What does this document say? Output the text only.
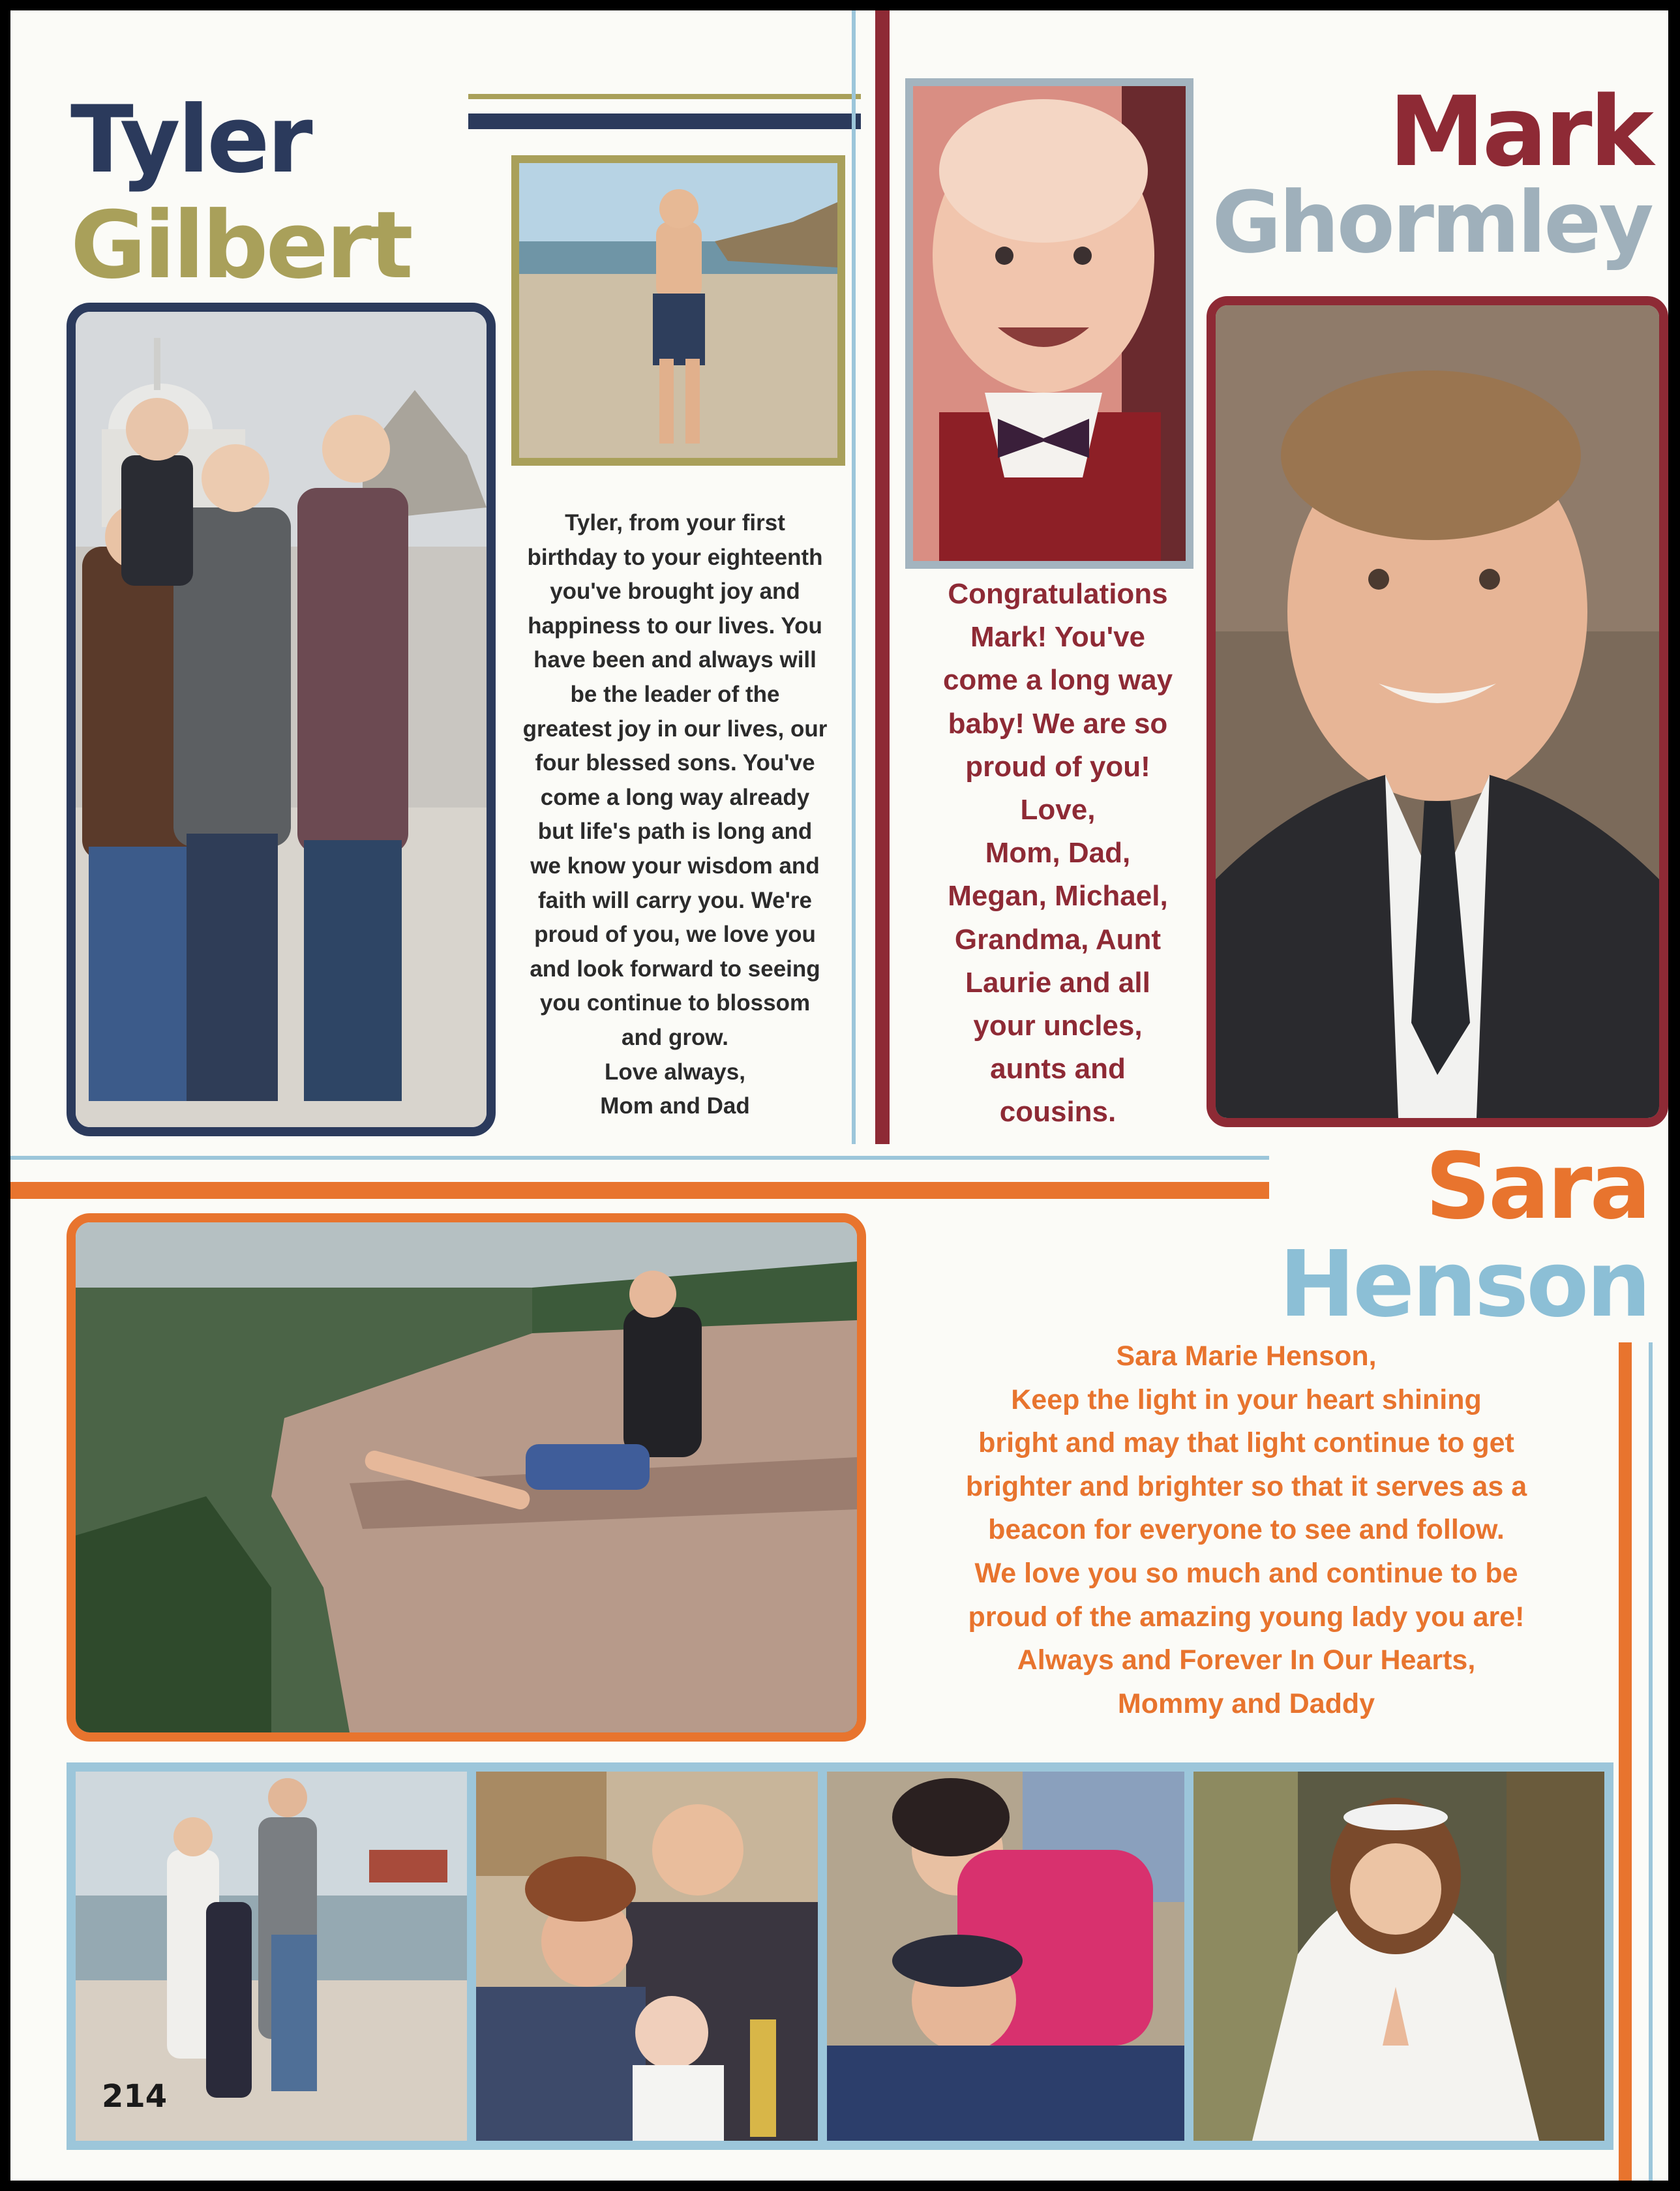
Tyler
Gilbert
Tyler, from your first
birthday to your eighteenth
you've brought joy and
happiness to our lives. You
have been and always will
be the leader of the
greatest joy in our lives, our
four blessed sons. You've
come a long way already
but life's path is long and
we know your wisdom and
faith will carry you. We're
proud of you, we love you
and look forward to seeing
you continue to blossom
and grow.
Love always,
Mom and Dad
Mark
Ghormley
Congratulations
Mark! You've
come a long way
baby! We are so
proud of you!
Love,
Mom, Dad,
Megan, Michael,
Grandma, Aunt
Laurie and all
your uncles,
aunts and
cousins.
Sara
Henson
Sara Marie Henson,
Keep the light in your heart shining
bright and may that light continue to get
brighter and brighter so that it serves as a
beacon for everyone to see and follow.
We love you so much and continue to be
proud of the amazing young lady you are!
Always and Forever In Our Hearts,
Mommy and Daddy
214
